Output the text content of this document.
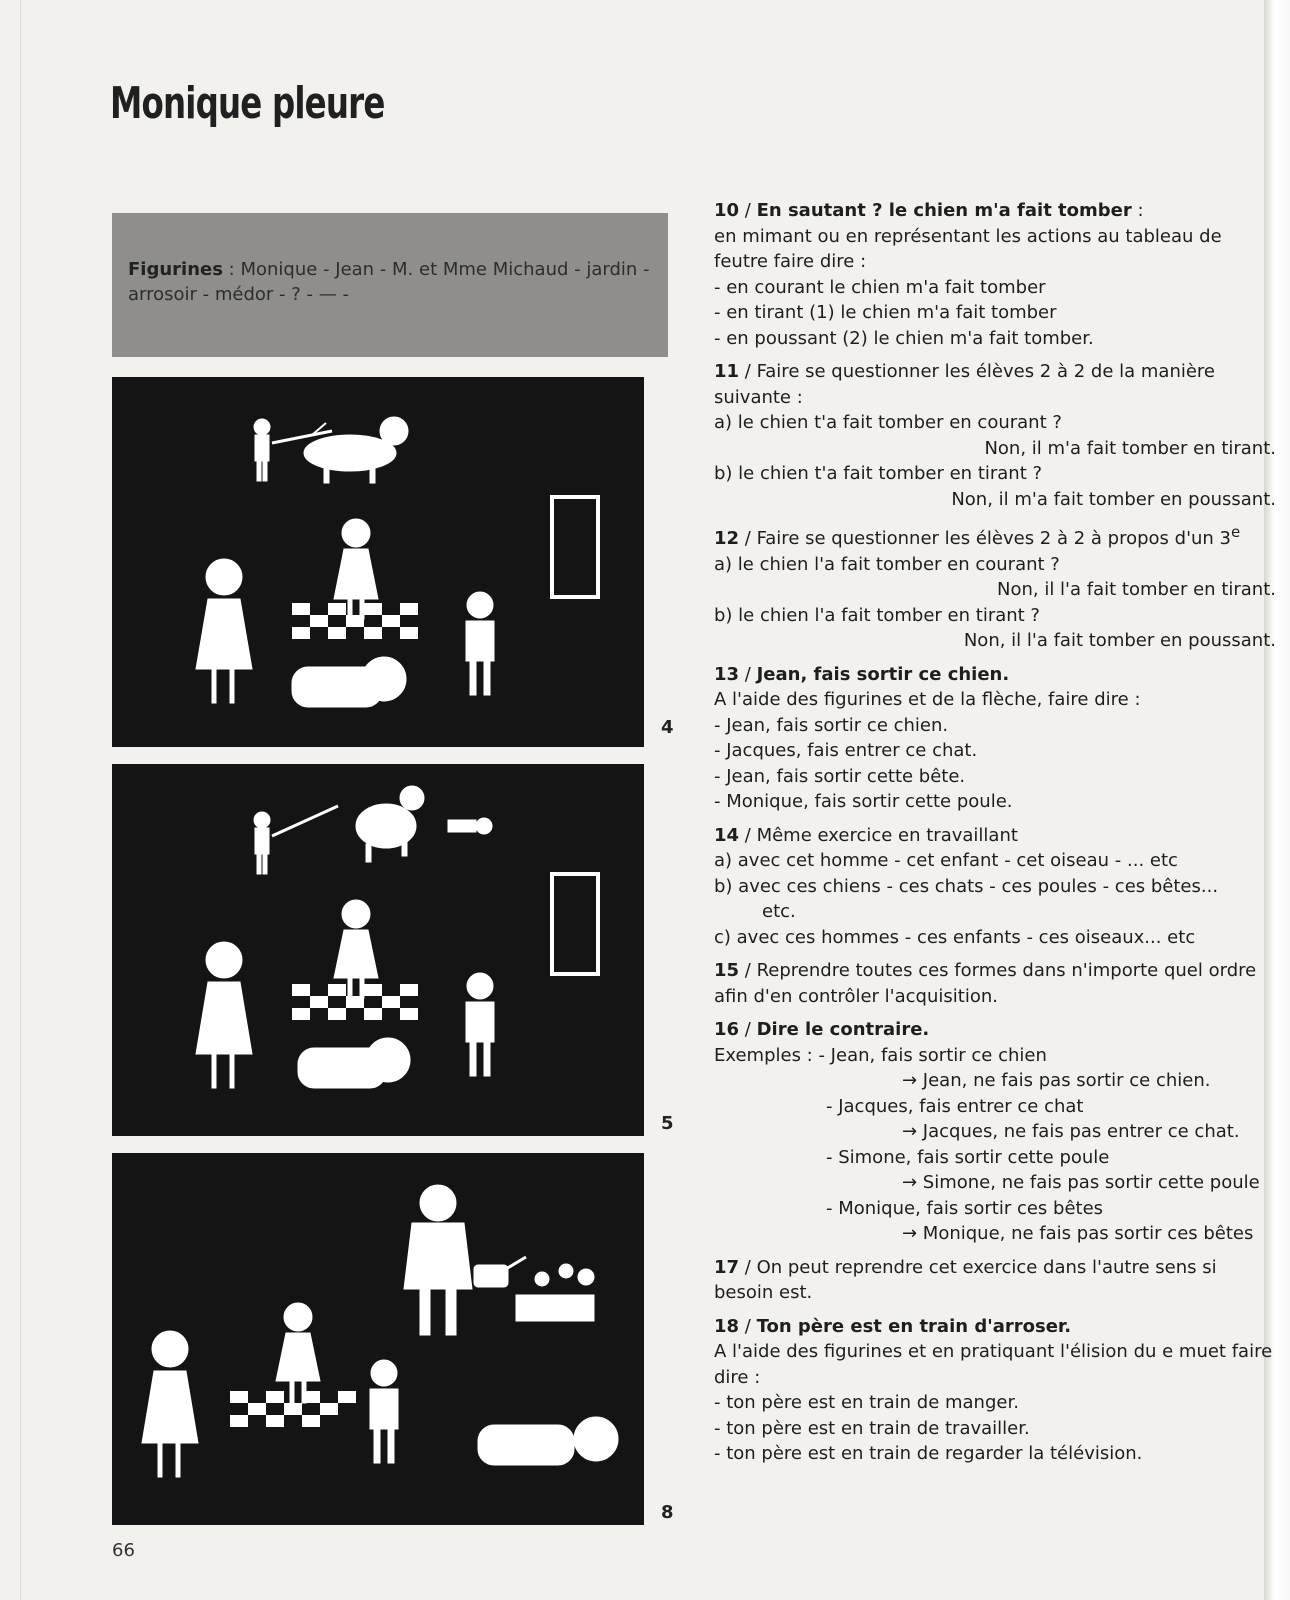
Monique pleure
Figurines : Monique - Jean - M. et Mme Michaud - jardin - arrosoir - médor - ? - — -
4
5
8

10 / En sautant ? le chien m'a fait tomber :

en mimant ou en représentant les actions au tableau de feutre faire dire :

- en courant le chien m'a fait tomber

- en tirant (1) le chien m'a fait tomber

- en poussant (2) le chien m'a fait tomber.

11 / Faire se questionner les élèves 2 à 2 de la manière suivante :

a) le chien t'a fait tomber en courant ?

Non, il m'a fait tomber en tirant.

b) le chien t'a fait tomber en tirant ?

Non, il m'a fait tomber en poussant.

12 / Faire se questionner les élèves 2 à 2 à propos d'un 3e

a) le chien l'a fait tomber en courant ?

Non, il l'a fait tomber en tirant.

b) le chien l'a fait tomber en tirant ?

Non, il l'a fait tomber en poussant.

13 / Jean, fais sortir ce chien.

A l'aide des figurines et de la flèche, faire dire :

- Jean, fais sortir ce chien.

- Jacques, fais entrer ce chat.

- Jean, fais sortir cette bête.

- Monique, fais sortir cette poule.

14 / Même exercice en travaillant

a) avec cet homme - cet enfant - cet oiseau - ... etc

b) avec ces chiens - ces chats - ces poules - ces bêtes...

etc.

c) avec ces hommes - ces enfants - ces oiseaux... etc

15 / Reprendre toutes ces formes dans n'importe quel ordre afin d'en contrôler l'acquisition.

16 / Dire le contraire.

Exemples : - Jean, fais sortir ce chien

→ Jean, ne fais pas sortir ce chien.

- Jacques, fais entrer ce chat

→ Jacques, ne fais pas entrer ce chat.

- Simone, fais sortir cette poule

→ Simone, ne fais pas sortir cette poule

- Monique, fais sortir ces bêtes

→ Monique, ne fais pas sortir ces bêtes

17 / On peut reprendre cet exercice dans l'autre sens si besoin est.

18 / Ton père est en train d'arroser.

A l'aide des figurines et en pratiquant l'élision du e muet faire dire :

- ton père est en train de manger.

- ton père est en train de travailler.

- ton père est en train de regarder la télévision.

66
